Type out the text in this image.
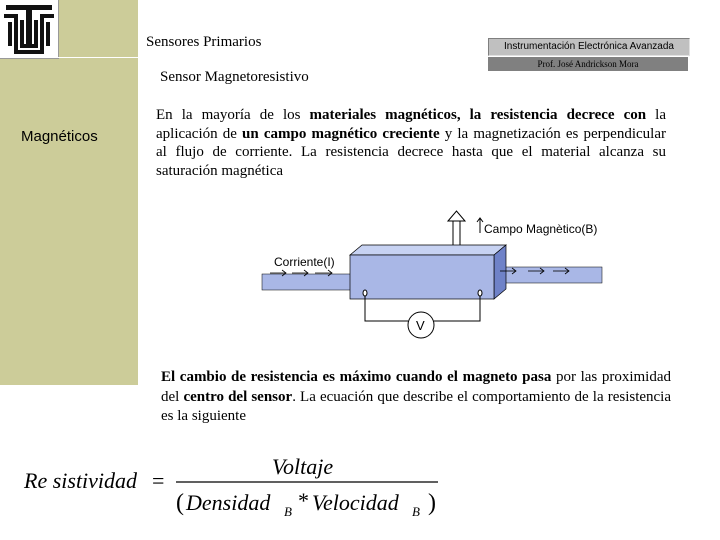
Magnéticos
Sensores Primarios	Instrumentación Electrónica Avanzada
Prof. José Andrickson Mora
Sensor Magnetoresistivo
En la mayoría de los materiales magnéticos, la resistencia decrece con la aplicación de un campo magnético creciente y la magnetización es perpendicular al flujo de corriente. La resistencia decrece hasta que el material alcanza su saturación magnética
Campo Magnètico(B)
Corriente(I)
V
El cambio de resistencia es máximo cuando el magneto pasa por las proximidad del centro del sensor. La ecuación que describe el comportamiento de la resistencia es la siguiente
Re sistividad =
Voltaje
( Densidad B * Velocidad B )
